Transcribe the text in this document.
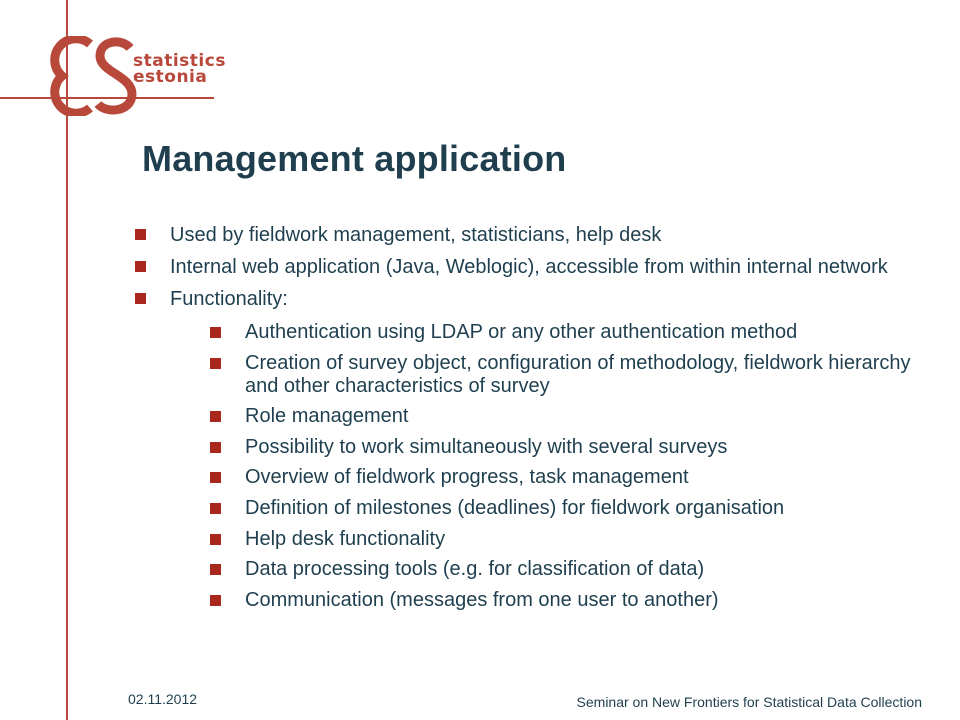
statistics
estonia
Management application
Used by fieldwork management, statisticians, help desk
Internal web application (Java, Weblogic), accessible from within internal network
Functionality:
Authentication using LDAP or any other authentication method
Creation of survey object, configuration of methodology, fieldwork hierarchy and other characteristics of survey
Role management
Possibility to work simultaneously with several surveys
Overview of fieldwork progress, task management
Definition of milestones (deadlines) for fieldwork organisation
Help desk functionality
Data processing tools (e.g. for classification of data)
Communication (messages from one user to another)
02.11.2012	Seminar on New Frontiers for Statistical Data Collection
